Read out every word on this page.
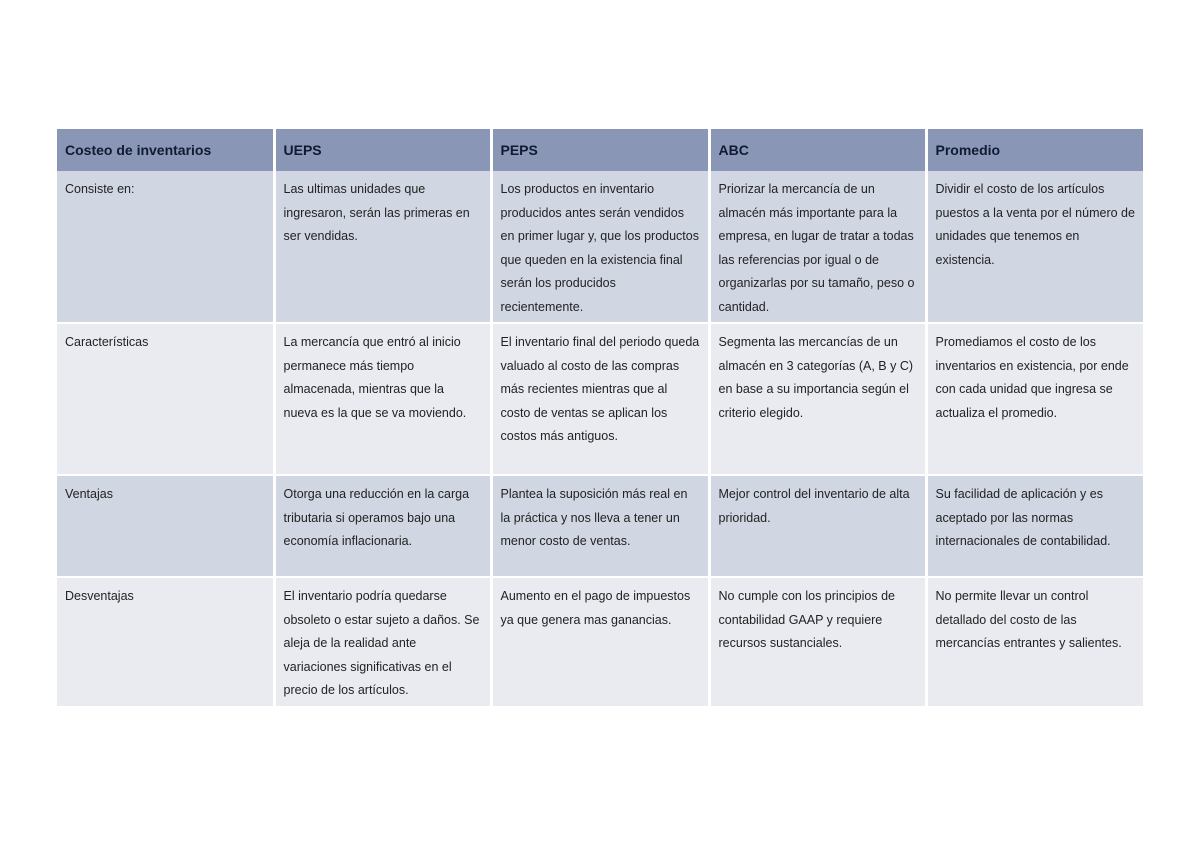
Costeo de inventarios	UEPS	PEPS	ABC	Promedio
Consiste en:	Las ultimas unidades que ingresaron, serán las primeras en ser vendidas.	Los productos en inventario producidos antes serán vendidos en primer lugar y, que los productos que queden en la existencia final serán los producidos recientemente.	Priorizar la mercancía de un almacén más importante para la empresa, en lugar de tratar a todas las referencias por igual o de organizarlas por su tamaño, peso o cantidad.	Dividir el costo de los artículos puestos a la venta por el número de unidades que tenemos en existencia.
Características	La mercancía que entró al inicio permanece más tiempo almacenada, mientras que la nueva es la que se va moviendo.	El inventario final del periodo queda valuado al costo de las compras más recientes mientras que al costo de ventas se aplican los costos más antiguos.	Segmenta las mercancías de un almacén en 3 categorías (A, B y C) en base a su importancia según el criterio elegido.	Promediamos el costo de los inventarios en existencia, por ende con cada unidad que ingresa se actualiza el promedio.
Ventajas	Otorga una reducción en la carga tributaria si operamos bajo una economía inflacionaria.	Plantea la suposición más real en la práctica y nos lleva a tener un menor costo de ventas.	Mejor control del inventario de alta prioridad.	Su facilidad de aplicación y es aceptado por las normas internacionales de contabilidad.
Desventajas	El inventario podría quedarse obsoleto o estar sujeto a daños. Se aleja de la realidad ante variaciones significativas en el precio de los artículos.	Aumento en el pago de impuestos ya que genera mas ganancias.	No cumple con los principios de contabilidad GAAP y requiere recursos sustanciales.	No permite llevar un control detallado del costo de las mercancías entrantes y salientes.
